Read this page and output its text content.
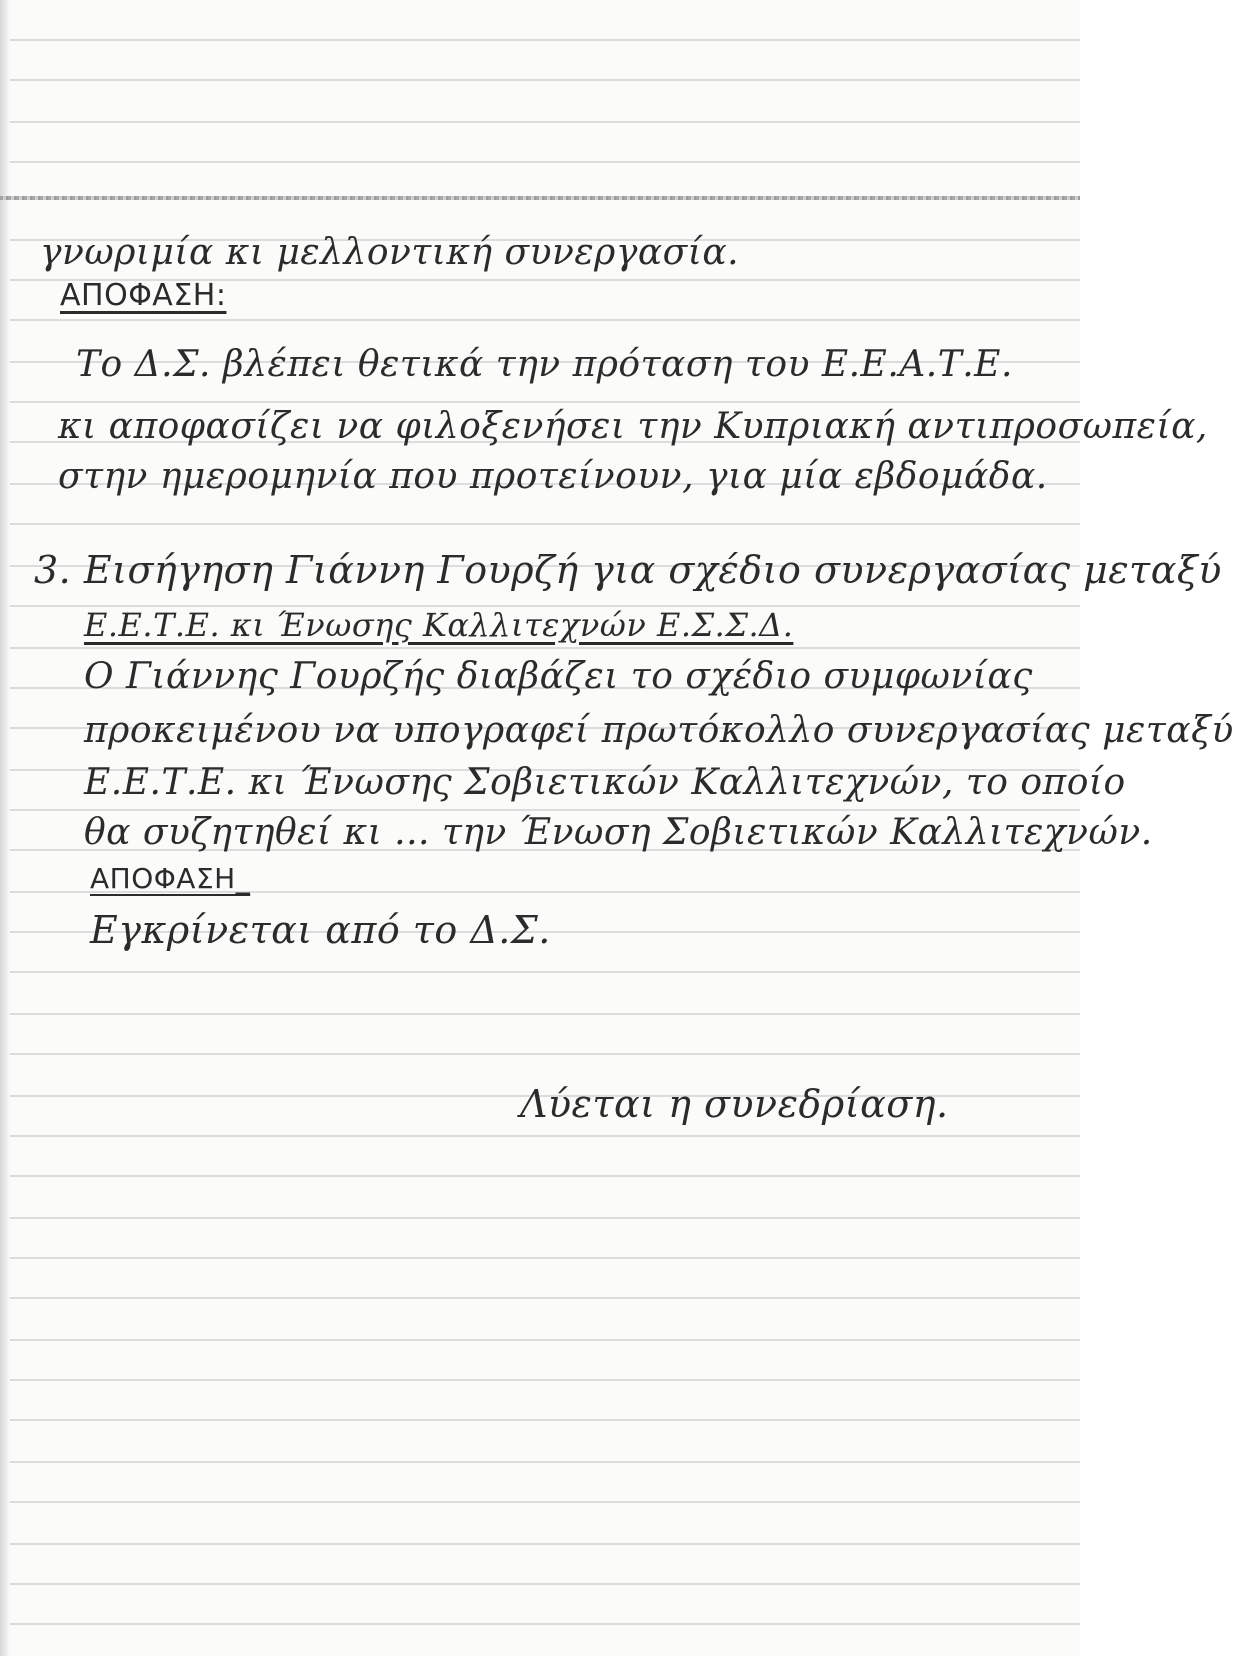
γνωριμία κι μελλοντική συνεργασία.
ΑΠΟΦΑΣΗ:
Το Δ.Σ. βλέπει θετικά την πρόταση του Ε.Ε.Α.Τ.Ε.
κι αποφασίζει να φιλοξενήσει την Κυπριακή αντιπροσωπεία,
στην ημερομηνία που προτείνουν, για μία εβδομάδα.
3. Εισήγηση Γιάννη Γουρζή για σχέδιο συνεργασίας μεταξύ
Ε.Ε.Τ.Ε. κι Ένωσης Καλλιτεχνών Ε.Σ.Σ.Δ.
Ο Γιάννης Γουρζής διαβάζει το σχέδιο συμφωνίας
προκειμένου να υπογραφεί πρωτόκολλο συνεργασίας μεταξύ
Ε.Ε.Τ.Ε. κι Ένωσης Σοβιετικών Καλλιτεχνών, το οποίο
θα συζητηθεί κι ... την Ένωση Σοβιετικών Καλλιτεχνών.
ΑΠΟΦΑΣΗ_
Εγκρίνεται από το Δ.Σ.
Λύεται η συνεδρίαση.
